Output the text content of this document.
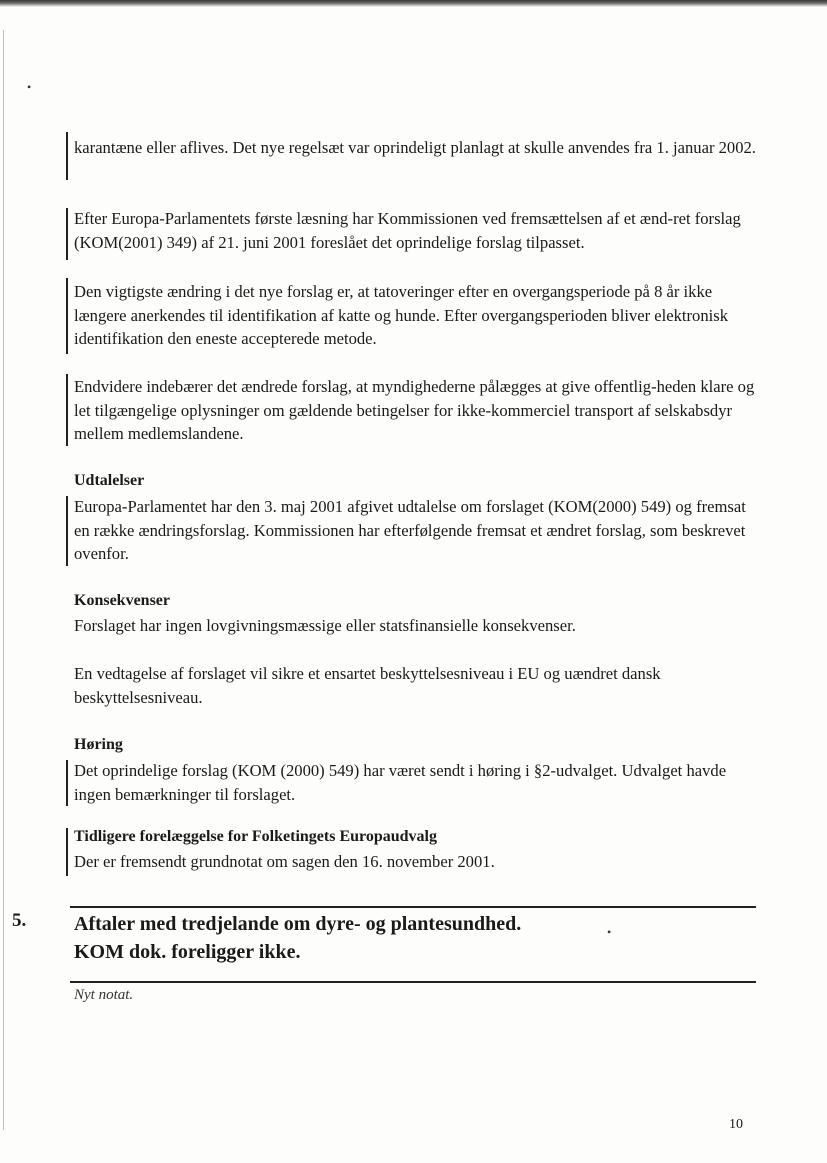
•
•

karantæne eller aflives. Det nye regelsæt var oprindeligt planlagt at skulle anvendes fra 1. januar 2002.

Efter Europa-Parlamentets første læsning har Kommissionen ved fremsættelsen af et ænd-ret forslag (KOM(2001) 349) af 21. juni 2001 foreslået det oprindelige forslag tilpasset.

Den vigtigste ændring i det nye forslag er, at tatoveringer efter en overgangsperiode på 8 år ikke længere anerkendes til identifikation af katte og hunde. Efter overgangsperioden bliver elektronisk identifikation den eneste accepterede metode.

Endvidere indebærer det ændrede forslag, at myndighederne pålægges at give offentlig-heden klare og let tilgængelige oplysninger om gældende betingelser for ikke-kommerciel transport af selskabsdyr mellem medlemslandene.

Udtalelser

Europa-Parlamentet har den 3. maj 2001 afgivet udtalelse om forslaget (KOM(2000) 549) og fremsat en række ændringsforslag. Kommissionen har efterfølgende fremsat et ændret forslag, som beskrevet ovenfor.

Konsekvenser

Forslaget har ingen lovgivningsmæssige eller statsfinansielle konsekvenser.

En vedtagelse af forslaget vil sikre et ensartet beskyttelsesniveau i EU og uændret dansk beskyttelsesniveau.

Høring

Det oprindelige forslag (KOM (2000) 549) har været sendt i høring i §2-udvalget. Udvalget havde ingen bemærkninger til forslaget.

Tidligere forelæggelse for Folketingets Europaudvalg

Der er fremsendt grundnotat om sagen den 16. november 2001.

5. Aftaler med tredjelande om dyre- og plantesundhed.
KOM dok. foreligger ikke.

Nyt notat.

10
